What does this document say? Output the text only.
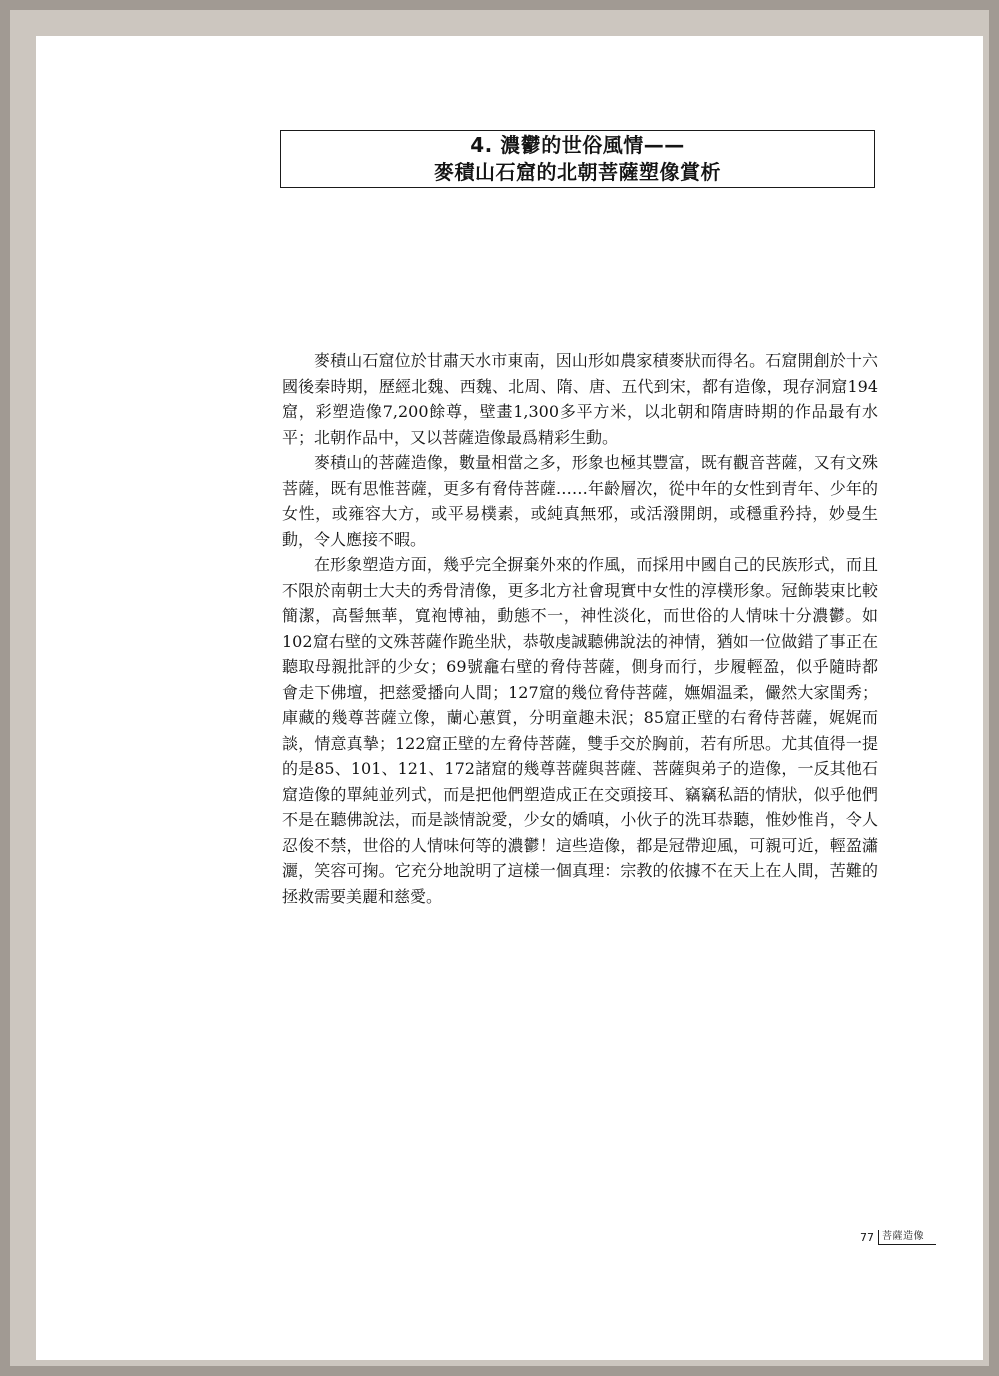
4. 濃鬱的世俗風情——
麥積山石窟的北朝菩薩塑像賞析

麥積山石窟位於甘肅天水市東南，因山形如農家積麥狀而得名。石窟開創於十六國後秦時期，歷經北魏、西魏、北周、隋、唐、五代到宋，都有造像，現存洞窟194窟，彩塑造像7,200餘尊，壁畫1,300多平方米，以北朝和隋唐時期的作品最有水平；北朝作品中，又以菩薩造像最爲精彩生動。

麥積山的菩薩造像，數量相當之多，形象也極其豐富，既有觀音菩薩，又有文殊菩薩，既有思惟菩薩，更多有脅侍菩薩……年齡層次，從中年的女性到青年、少年的女性，或雍容大方，或平易樸素，或純真無邪，或活潑開朗，或穩重矜持，妙曼生動，令人應接不暇。

在形象塑造方面，幾乎完全摒棄外來的作風，而採用中國自己的民族形式，而且不限於南朝士大夫的秀骨清像，更多北方社會現實中女性的淳樸形象。冠飾裝束比較簡潔，高髻無華，寬袍博袖，動態不一，神性淡化，而世俗的人情味十分濃鬱。如102窟右壁的文殊菩薩作跪坐狀，恭敬虔誠聽佛說法的神情，猶如一位做錯了事正在聽取母親批評的少女；69號龕右壁的脅侍菩薩，側身而行，步履輕盈，似乎隨時都會走下佛壇，把慈愛播向人間；127窟的幾位脅侍菩薩，嫵媚温柔，儼然大家閨秀；庫藏的幾尊菩薩立像，蘭心蕙質，分明童趣未泯；85窟正壁的右脅侍菩薩，娓娓而談，情意真摯；122窟正壁的左脅侍菩薩，雙手交於胸前，若有所思。尤其值得一提的是85、101、121、172諸窟的幾尊菩薩與菩薩、菩薩與弟子的造像，一反其他石窟造像的單純並列式，而是把他們塑造成正在交頭接耳、竊竊私語的情狀，似乎他們不是在聽佛說法，而是談情說愛，少女的嬌嗔，小伙子的洗耳恭聽，惟妙惟肖，令人忍俊不禁，世俗的人情味何等的濃鬱！這些造像，都是冠帶迎風，可親可近，輕盈瀟灑，笑容可掬。它充分地說明了這樣一個真理：宗教的依據不在天上在人間，苦難的拯救需要美麗和慈愛。

77 菩薩造像
